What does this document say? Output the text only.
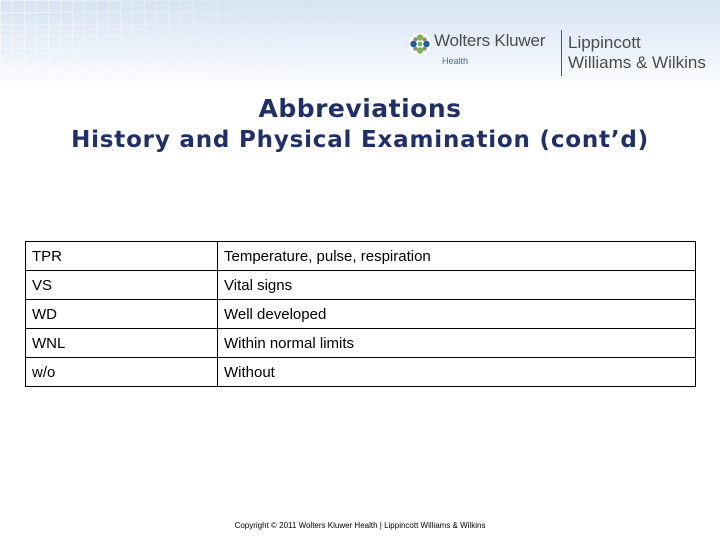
Wolters Kluwer
Health
Lippincott
Williams & Wilkins
Abbreviations
History and Physical Examination (cont’d)
TPR	Temperature, pulse, respiration
VS	Vital signs
WD	Well developed
WNL	Within normal limits
w/o	Without
Copyright © 2011 Wolters Kluwer Health | Lippincott Williams & Wilkins
